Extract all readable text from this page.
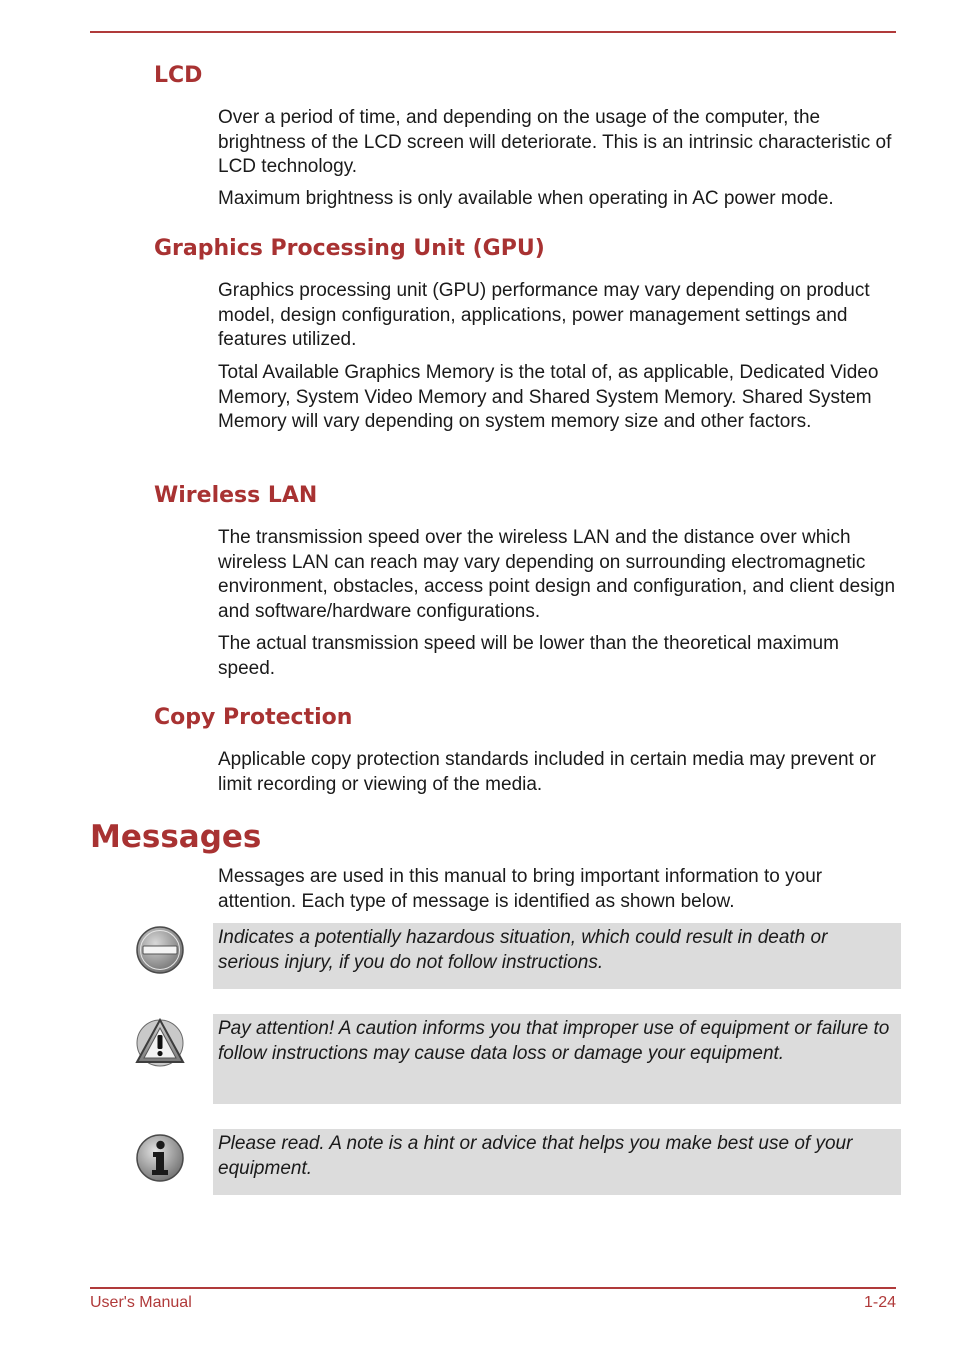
LCD

Over a period of time, and depending on the usage of the computer, the brightness of the LCD screen will deteriorate. This is an intrinsic characteristic of LCD technology.

Maximum brightness is only available when operating in AC power mode.

Graphics Processing Unit (GPU)

Graphics processing unit (GPU) performance may vary depending on product model, design configuration, applications, power management settings and features utilized.

Total Available Graphics Memory is the total of, as applicable, Dedicated Video Memory, System Video Memory and Shared System Memory. Shared System Memory will vary depending on system memory size and other factors.

Wireless LAN

The transmission speed over the wireless LAN and the distance over which wireless LAN can reach may vary depending on surrounding electromagnetic environment, obstacles, access point design and configuration, and client design and software/hardware configurations.

The actual transmission speed will be lower than the theoretical maximum speed.

Copy Protection

Applicable copy protection standards included in certain media may prevent or limit recording or viewing of the media.

Messages

Messages are used in this manual to bring important information to your attention. Each type of message is identified as shown below.

Indicates a potentially hazardous situation, which could result in death or serious injury, if you do not follow instructions.
Pay attention! A caution informs you that improper use of equipment or failure to follow instructions may cause data loss or damage your equipment.
Please read. A note is a hint or advice that helps you make best use of your equipment.
User's Manual	1-24
